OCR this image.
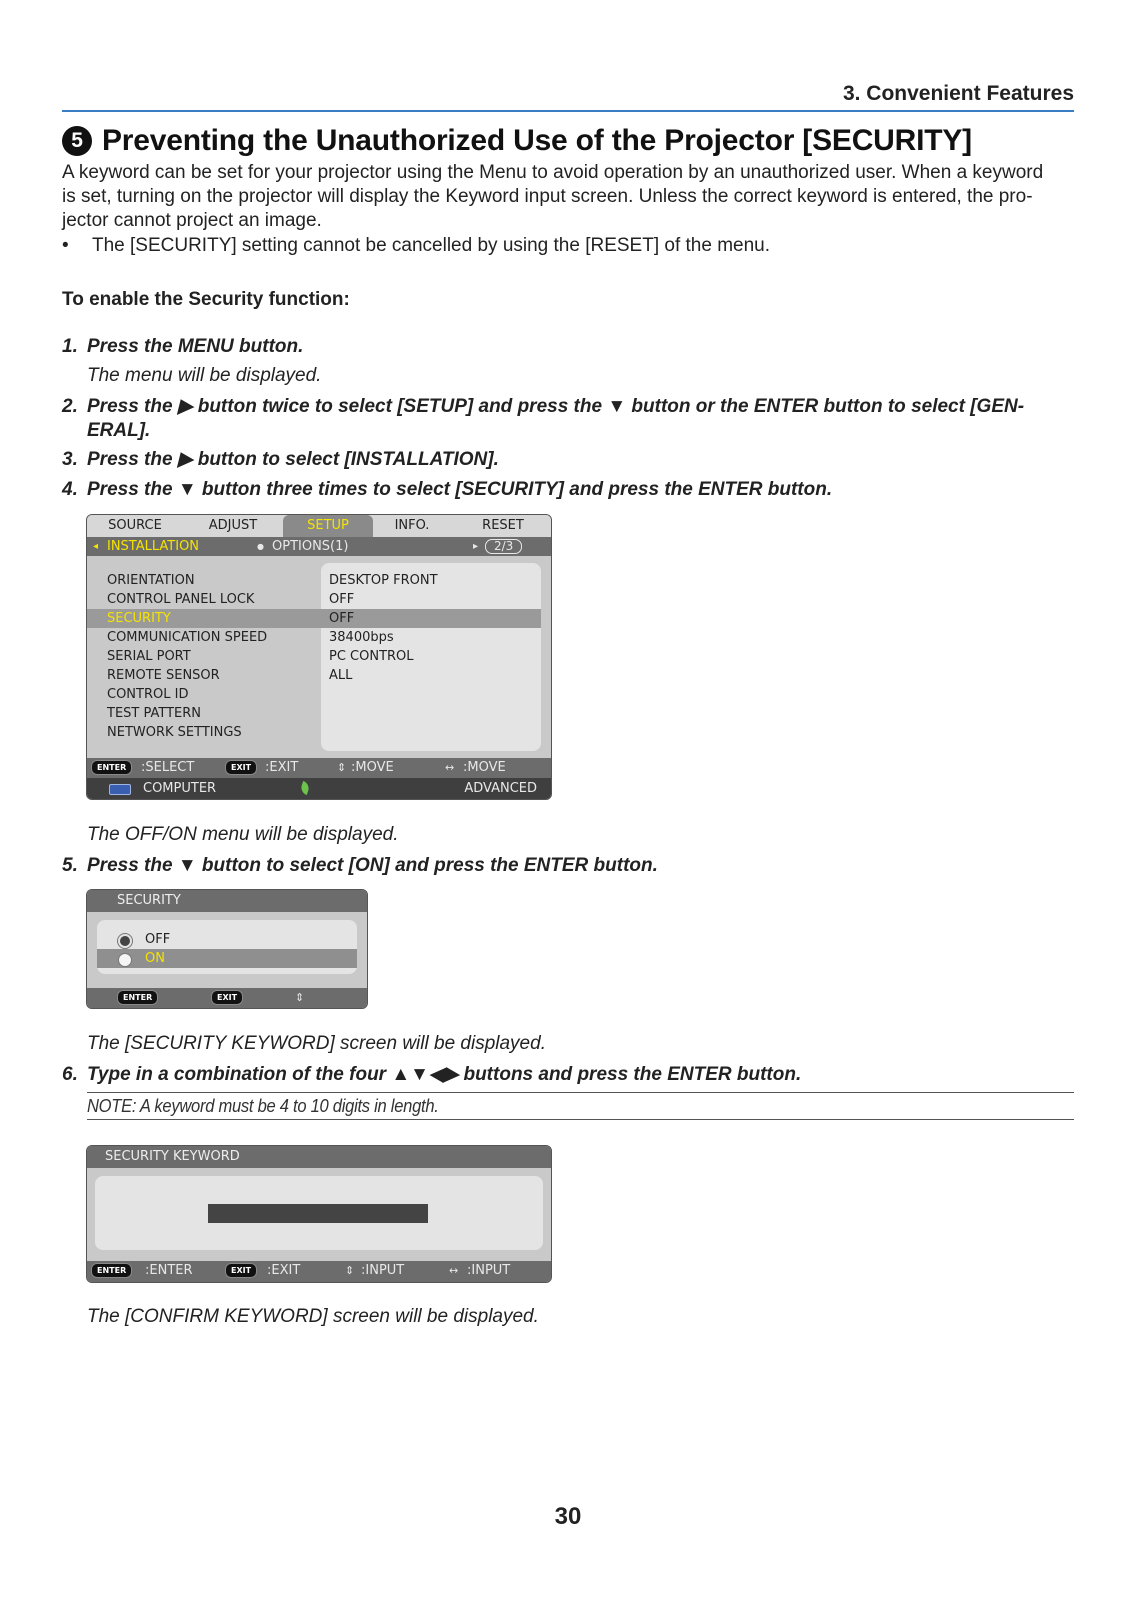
3. Convenient Features
5 Preventing the Unauthorized Use of the Projector [SECURITY]
A keyword can be set for your projector using the Menu to avoid operation by an unauthorized user. When a keyword
is set, turning on the projector will display the Keyword input screen. Unless the correct keyword is entered, the pro-
jector cannot project an image.
• The [SECURITY] setting cannot be cancelled by using the [RESET] of the menu.
To enable the Security function:
1. Press the MENU button.
The menu will be displayed.
2. Press the ▶ button twice to select [SETUP] and press the ▼ button or the ENTER button to select [GEN-
ERAL].
3. Press the ▶ button to select [INSTALLATION].
4. Press the ▼ button three times to select [SECURITY] and press the ENTER button.
SOURCE	ADJUST	SETUP	INFO.	RESET
◂ INSTALLATION	● OPTIONS(1)	▸	2/3
ORIENTATION	DESKTOP FRONT
CONTROL PANEL LOCK	OFF
SECURITY	OFF
COMMUNICATION SPEED	38400bps
SERIAL PORT	PC CONTROL
REMOTE SENSOR	ALL
CONTROL ID
TEST PATTERN
NETWORK SETTINGS
ENTER	:SELECT	EXIT	:EXIT	⇕ :MOVE	↔ :MOVE
COMPUTER	ADVANCED
The OFF/ON menu will be displayed.
5. Press the ▼ button to select [ON] and press the ENTER button.
SECURITY
OFF
ON
ENTER	EXIT	⇕
The [SECURITY KEYWORD] screen will be displayed.
6. Type in a combination of the four ▲▼◀▶ buttons and press the ENTER button.
NOTE: A keyword must be 4 to 10 digits in length.
SECURITY KEYWORD
ENTER	:ENTER	EXIT	:EXIT	⇕ :INPUT	↔ :INPUT
The [CONFIRM KEYWORD] screen will be displayed.
30
